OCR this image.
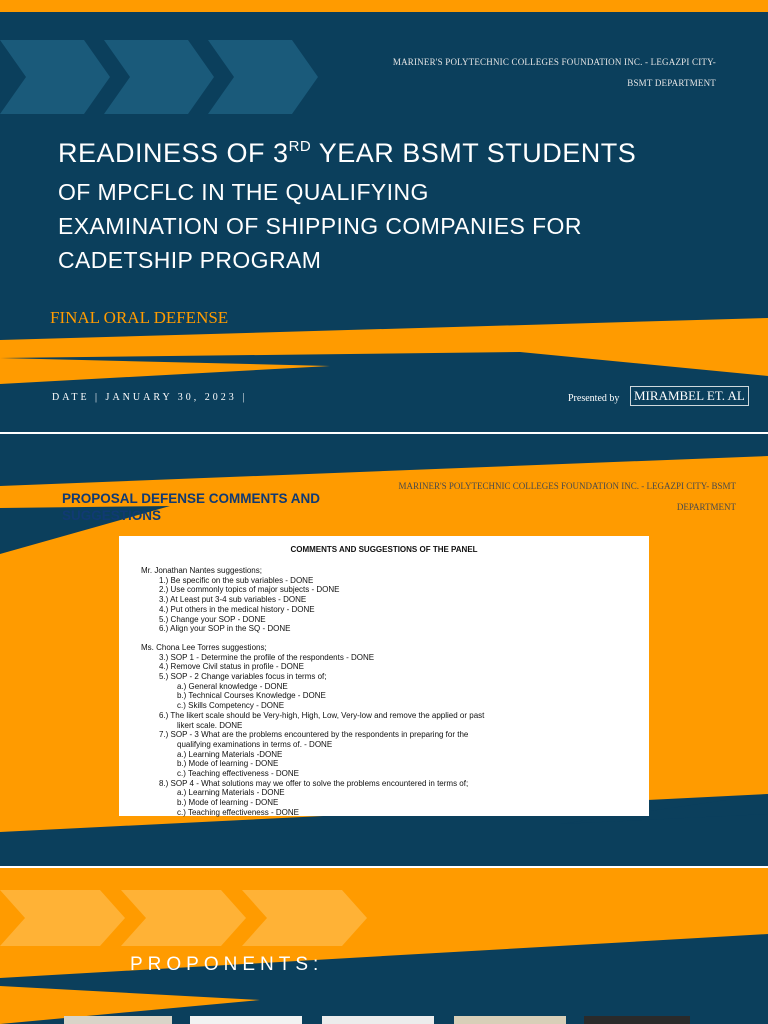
MARINER'S POLYTECHNIC COLLEGES FOUNDATION INC. - LEGAZPI CITY-
BSMT DEPARTMENT
READINESS OF 3RD YEAR BSMT STUDENTS
OF MPCFLC IN THE QUALIFYING
EXAMINATION OF SHIPPING COMPANIES FOR
CADETSHIP PROGRAM
FINAL ORAL DEFENSE
DATE | JANUARY 30, 2023 |	Presented by	MIRAMBEL ET. AL
MARINER'S POLYTECHNIC COLLEGES FOUNDATION INC. - LEGAZPI CITY- BSMT
DEPARTMENT
PROPOSAL DEFENSE COMMENTS AND SUGGESTIONS
COMMENTS AND SUGGESTIONS OF THE PANEL
Mr. Jonathan Nantes suggestions;
1.) Be specific on the sub variables - DONE
2.) Use commonly topics of major subjects - DONE
3.) At Least put 3-4 sub variables - DONE
4.) Put others in the medical history - DONE
5.) Change your SOP - DONE
6.) Align your SOP in the SQ - DONE
Ms. Chona Lee Torres suggestions;
3.) SOP 1 - Determine the profile of the respondents - DONE
4.) Remove Civil status in profile - DONE
5.) SOP - 2 Change variables focus in terms of;
a.) General knowledge - DONE
b.) Technical Courses Knowledge - DONE
c.) Skills Competency - DONE
6.) The likert scale should be Very-high, High, Low, Very-low and remove the applied or past
likert scale. DONE
7.) SOP - 3 What are the problems encountered by the respondents in preparing for the
qualifying examinations in terms of. - DONE
a.) Learning Materials -DONE
b.) Mode of learning - DONE
c.) Teaching effectiveness - DONE
8.) SOP 4 - What solutions may we offer to solve the problems encountered in terms of;
a.) Learning Materials - DONE
b.) Mode of learning - DONE
c.) Teaching effectiveness - DONE
PROPONENTS:
